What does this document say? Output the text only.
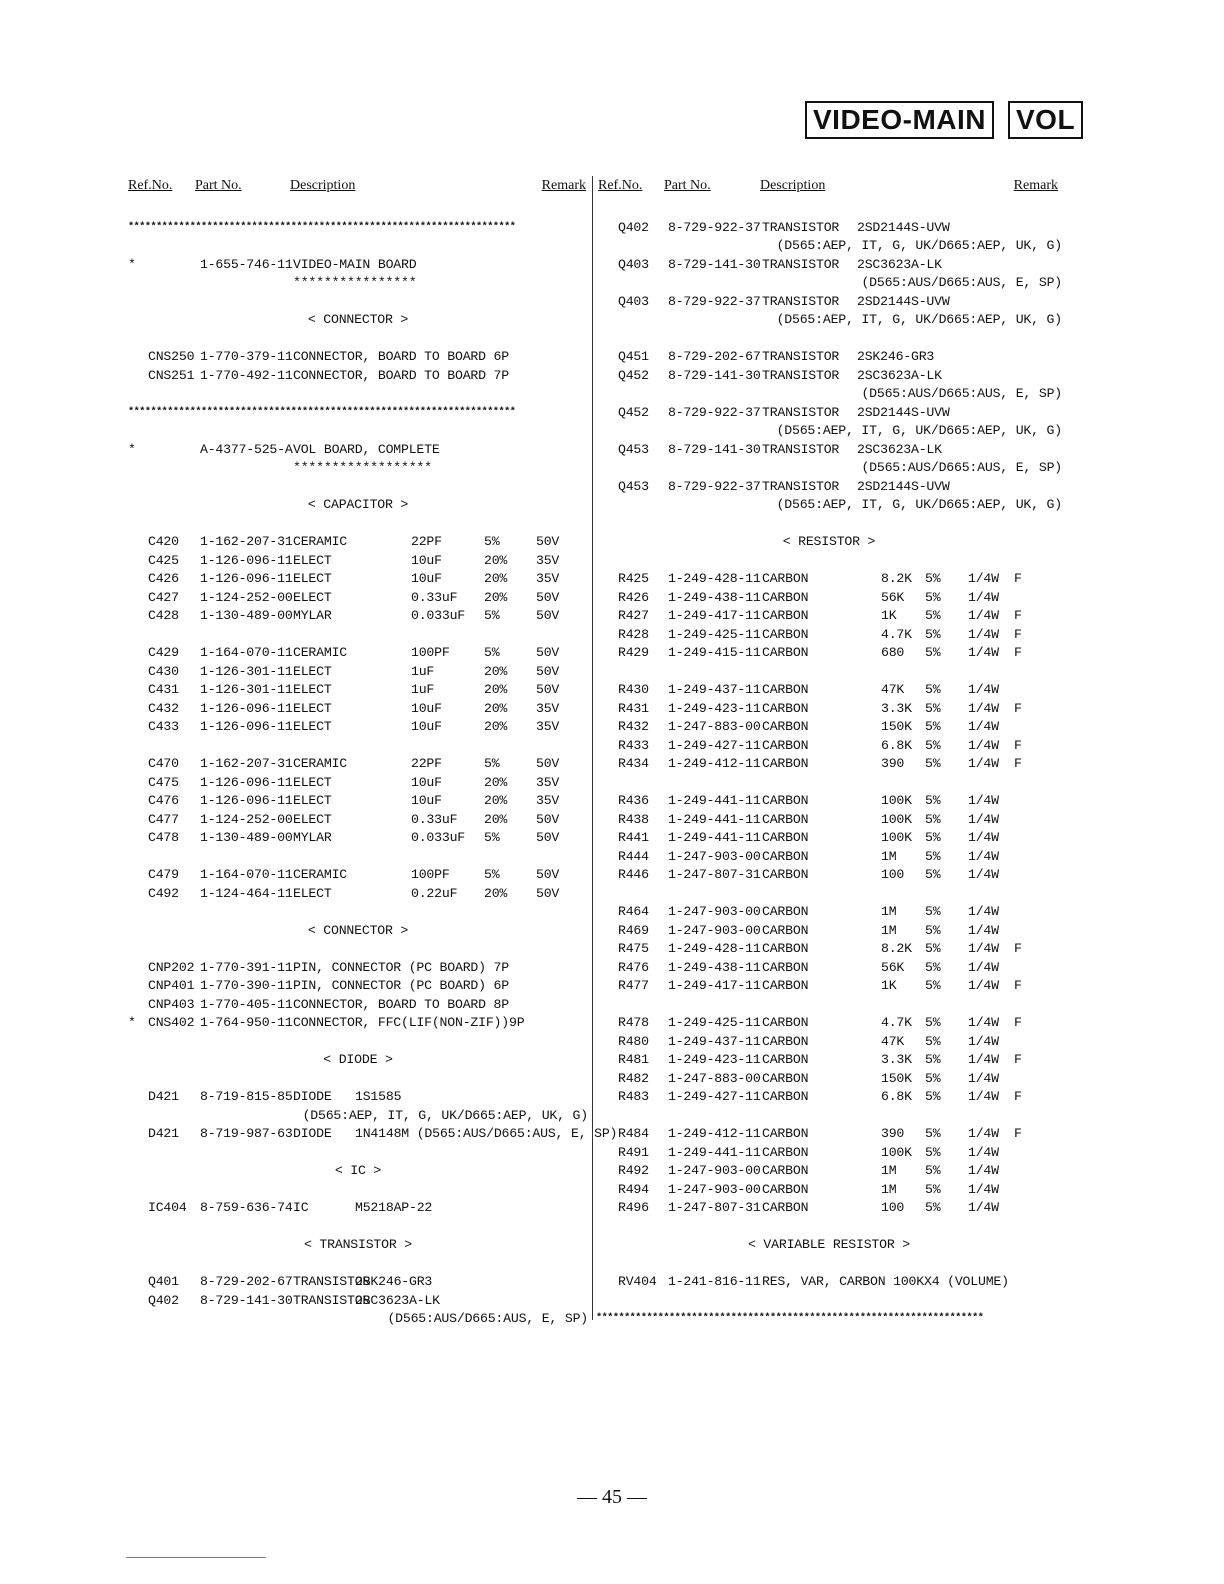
VIDEO-MAIN VOL
Ref.No. Part No.	Description	Remark
*********************************************************************
*	1-655-746-11 VIDEO-MAIN BOARD
****************
< CONNECTOR >
CNS250 1-770-379-11 CONNECTOR, BOARD TO BOARD 6P
CNS251 1-770-492-11 CONNECTOR, BOARD TO BOARD 7P
*********************************************************************
*	A-4377-525-A VOL BOARD, COMPLETE
******************
< CAPACITOR >
C420 1-162-207-31 CERAMIC	22PF	5%	50V
C425 1-126-096-11 ELECT	10uF	20% 35V
C426 1-126-096-11 ELECT	10uF	20% 35V
C427 1-124-252-00 ELECT	0.33uF 20% 50V
C428 1-130-489-00 MYLAR	0.033uF 5%	50V
C429 1-164-070-11 CERAMIC	100PF	5%	50V
C430 1-126-301-11 ELECT	1uF	20% 50V
C431 1-126-301-11 ELECT	1uF	20% 50V
C432 1-126-096-11 ELECT	10uF	20% 35V
C433 1-126-096-11 ELECT	10uF	20% 35V
C470 1-162-207-31 CERAMIC	22PF	5%	50V
C475 1-126-096-11 ELECT	10uF	20% 35V
C476 1-126-096-11 ELECT	10uF	20% 35V
C477 1-124-252-00 ELECT	0.33uF 20% 50V
C478 1-130-489-00 MYLAR	0.033uF 5%	50V
C479 1-164-070-11 CERAMIC	100PF	5%	50V
C492 1-124-464-11 ELECT	0.22uF 20% 50V
< CONNECTOR >
CNP202 1-770-391-11 PIN, CONNECTOR (PC BOARD) 7P
CNP401 1-770-390-11 PIN, CONNECTOR (PC BOARD) 6P
CNP403 1-770-405-11 CONNECTOR, BOARD TO BOARD 8P
* CNS402 1-764-950-11 CONNECTOR, FFC(LIF(NON-ZIF))9P
< DIODE >
D421 8-719-815-85 DIODE 1S1585
(D565:AEP, IT, G, UK/D665:AEP, UK, G)
D421 8-719-987-63 DIODE 1N4148M (D565:AUS/D665:AUS, E, SP)
< IC >
IC404 8-759-636-74 IC	M5218AP-22
< TRANSISTOR >
Q401 8-729-202-67 TRANSISTOR
2SK246-GR3
Q402 8-729-141-30 TRANSISTOR
2SC3623A-LK
(D565:AUS/D665:AUS, E, SP)
Ref.No. Part No.	Description	Remark
Q402 8-729-922-37 TRANSISTOR 2SD2144S-UVW
(D565:AEP, IT, G, UK/D665:AEP, UK, G)
Q403 8-729-141-30 TRANSISTOR 2SC3623A-LK
(D565:AUS/D665:AUS, E, SP)
Q403 8-729-922-37 TRANSISTOR 2SD2144S-UVW
(D565:AEP, IT, G, UK/D665:AEP, UK, G)
Q451 8-729-202-67 TRANSISTOR 2SK246-GR3
Q452 8-729-141-30 TRANSISTOR 2SC3623A-LK
(D565:AUS/D665:AUS, E, SP)
Q452 8-729-922-37 TRANSISTOR 2SD2144S-UVW
(D565:AEP, IT, G, UK/D665:AEP, UK, G)
Q453 8-729-141-30 TRANSISTOR 2SC3623A-LK
(D565:AUS/D665:AUS, E, SP)
Q453 8-729-922-37 TRANSISTOR 2SD2144S-UVW
(D565:AEP, IT, G, UK/D665:AEP, UK, G)
< RESISTOR >
R425 1-249-428-11 CARBON	8.2K 5% 1/4W F
R426 1-249-438-11 CARBON	56K 5% 1/4W
R427 1-249-417-11 CARBON	1K 5% 1/4W F
R428 1-249-425-11 CARBON	4.7K 5% 1/4W F
R429 1-249-415-11 CARBON	680 5% 1/4W F
R430 1-249-437-11 CARBON	47K 5% 1/4W
R431 1-249-423-11 CARBON	3.3K 5% 1/4W F
R432 1-247-883-00 CARBON	150K 5% 1/4W
R433 1-249-427-11 CARBON	6.8K 5% 1/4W F
R434 1-249-412-11 CARBON	390 5% 1/4W F
R436 1-249-441-11 CARBON	100K 5% 1/4W
R438 1-249-441-11 CARBON	100K 5% 1/4W
R441 1-249-441-11 CARBON	100K 5% 1/4W
R444 1-247-903-00 CARBON	1M 5% 1/4W
R446 1-247-807-31 CARBON	100 5% 1/4W
R464 1-247-903-00 CARBON	1M 5% 1/4W
R469 1-247-903-00 CARBON	1M 5% 1/4W
R475 1-249-428-11 CARBON	8.2K 5% 1/4W F
R476 1-249-438-11 CARBON	56K 5% 1/4W
R477 1-249-417-11 CARBON	1K 5% 1/4W F
R478 1-249-425-11 CARBON	4.7K 5% 1/4W F
R480 1-249-437-11 CARBON	47K 5% 1/4W
R481 1-249-423-11 CARBON	3.3K 5% 1/4W F
R482 1-247-883-00 CARBON	150K 5% 1/4W
R483 1-249-427-11 CARBON	6.8K 5% 1/4W F
R484 1-249-412-11 CARBON	390 5% 1/4W F
R491 1-249-441-11 CARBON	100K 5% 1/4W
R492 1-247-903-00 CARBON	1M 5% 1/4W
R494 1-247-903-00 CARBON	1M 5% 1/4W
R496 1-247-807-31 CARBON	100 5% 1/4W
< VARIABLE RESISTOR >
RV404 1-241-816-11 RES, VAR, CARBON 100KX4 (VOLUME)
*********************************************************************
— 45 —
